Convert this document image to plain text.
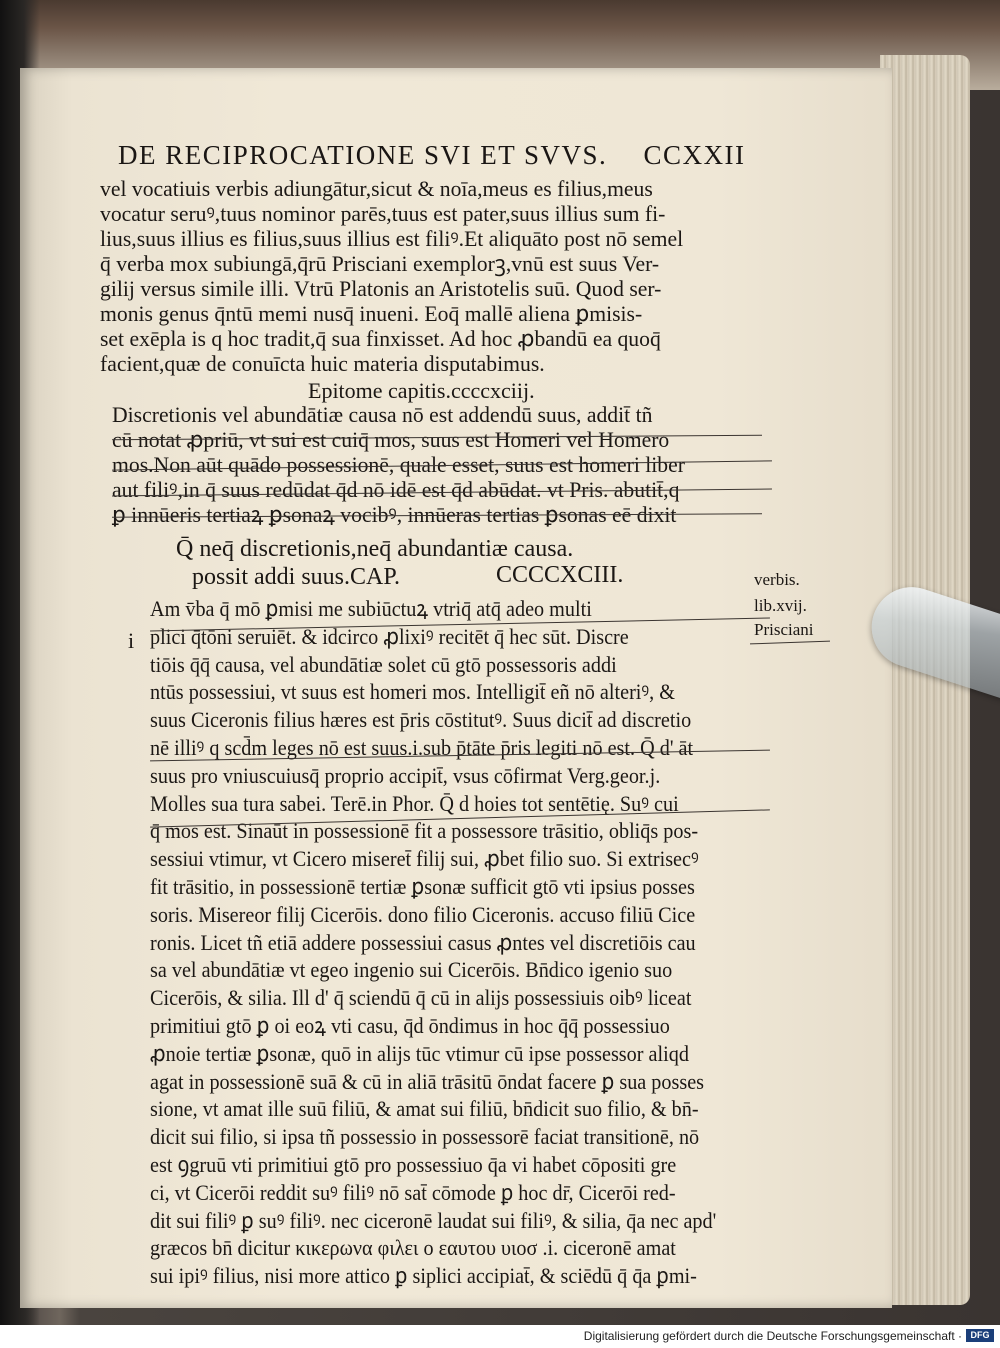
DE RECIPROCATIONE SVI ET SVVS. CCXXII
vel vocatiuis verbis adiungātur,sicut & noīa,meus es filius,meus
vocatur seruꝰ,tuus nominor parēs,tuus est pater,suus illius sum fi-
lius,suus illius es filius,suus illius est filiꝰ.Et aliquāto post nō semel
q̄ verba mox subiungā,q̄rū Prisciani exemplorꝫ,vnū est suus Ver-
gilij versus simile illi. Vtrū Platonis an Aristotelis suū. Quod ser-
monis genus q̄ntū memi nusq̄ inueni. Eoq̄ mallē aliena ꝑmisis-
set exēpla is q hoc tradit,q̄ sua finxisset. Ad hoc ꝓbandū ea quoq̄
facient,quæ de conuīcta huic materia disputabimus.
Epitome capitis.ccccxciij.
Discretionis vel abundātiæ causa nō est addendū suus, addit̄ tñ
cū notat ꝓpriū, vt sui est cuiq̄ mos, suus est Homeri vel Homero
mos.Non aūt quādo possessionē, quale esset, suus est homeri liber
aut filiꝰ,in q̄ suus redūdat q̄d nō idē est q̄d abūdat. vt Pris. abutit̄,q
ꝑ innūeris tertiaꝝ ꝑsonaꝝ vocibꝰ, innūeras tertias ꝑsonas eē dixit
Q̄ neq̄ discretionis,neq̄ abundantiæ causa.
possit addi suus.CAP.	CCCCXCIII.
i
Am v̄ba q̄ mō ꝑmisi me subiūctuꝝ vtriq̄ atq̄ adeo multi
plici q̄tōni seruiēt. & idcirco ꝓlixiꝰ recitēt q̄ hec sūt. Discre
tiōis q̄q̄ causa, vel abundātiæ solet cū gtō possessoris addi
ntūs possessiui, vt suus est homeri mos. Intelligit̄ eñ nō alteriꝰ, &
suus Ciceronis filius hæres est p̄ris cōstitutꝰ. Suus dicit̄ ad discretio
nē illiꝰ q scd̄m leges nō est suus.i.sub p̄tāte p̄ris legiti nō est. Q̄ d' āt
suus pro vniuscuiusq̄ proprio accipit̄, vsus cōfirmat Verg.geor.j.
Molles sua tura sabei. Terē.in Phor. Q̄ d hoies tot sentētię. Suꝰ cui
q̄ mos est. Sinaūt in possessionē fit a possessore trāsitio, obliq̄s pos-
sessiui vtimur, vt Cicero miseret̄ filij sui, ꝓbet filio suo. Si extrisecꝰ
fit trāsitio, in possessionē tertiæ ꝑsonæ sufficit gtō vti ipsius posses
soris. Misereor filij Cicerōis. dono filio Ciceronis. accuso filiū Cice
ronis. Licet tñ etiā addere possessiui casus ꝓntes vel discretiōis cau
sa vel abundātiæ vt egeo ingenio sui Cicerōis. Bn̄dico igenio suo
Cicerōis, & silia. Ill d' q̄ sciendū q̄ cū in alijs possessiuis oibꝰ liceat
primitiui gtō ꝑ oi eoꝝ vti casu, q̄d ōndimus in hoc q̄q̄ possessiuo
ꝓnoie tertiæ ꝑsonæ, quō in alijs tūc vtimur cū ipse possessor aliqd
agat in possessionē suā & cū in aliā trāsitū ōndat facere ꝑ sua posses
sione, vt amat ille suū filiū, & amat sui filiū, bn̄dicit suo filio, & bn̄-
dicit sui filio, si ipsa tñ possessio in possessorē faciat transitionē, nō
est ꝯgruū vti primitiui gtō pro possessiuo q̄a vi habet cōpositi gre
ci, vt Cicerōi reddit suꝰ filiꝰ nō sat̄ cōmode ꝑ hoc dr̄, Cicerōi red-
dit sui filiꝰ ꝑ suꝰ filiꝰ. nec ciceronē laudat sui filiꝰ, & silia, q̄a nec apd'
græcos bn̄ dicitur κικερωνα φιλει ο εαυτου υιοσ .i. ciceronē amat
sui ipiꝰ filius, nisi more attico ꝑ siplici accipiat̄, & sciēdū q̄ q̄a ꝑmi-
verbis.
lib.xvij.
Prisciani
Digitalisierung gefördert durch die Deutsche Forschungsgemeinschaft · DFG
